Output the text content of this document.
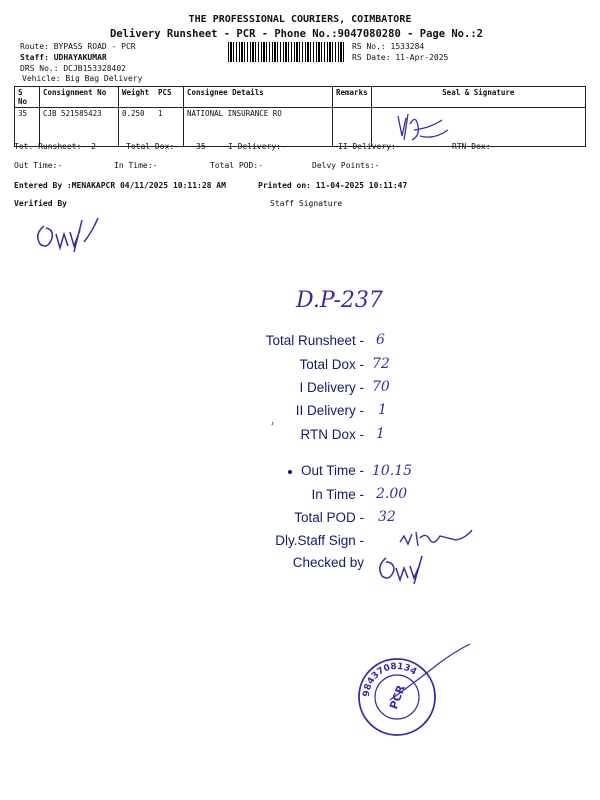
THE PROFESSIONAL COURIERS, COIMBATORE
Delivery Runsheet - PCR - Phone No.:9047080280 - Page No.:2
Route: BYPASS ROAD - PCR
Staff: UDHAYAKUMAR
DRS No.: DCJB153328402
Vehicle: Big Bag Delivery
RS No.: 1533284
RS Date: 11-Apr-2025
S No	Consignment No	Weight	PCS	Consignee Details	Remarks	Seal & Signature
35	CJB 521585423	0.250	1	NATIONAL INSURANCE RO		
Tot. Runsheet:- 2	Total Dox:- 35	I Delivery:-	II Delivery:-	RTN Dox:-
Out Time:-	In Time:-	Total POD:-	Delvy Points:-
Entered By :MENAKAPCR 04/11/2025 10:11:28 AM	Printed on: 11-04-2025 10:11:47
Verified By	Staff Signature
D.P-237
Total Runsheet - 6
Total Dox - 72
I Delivery - 70
II Delivery - 1
ʾ RTN Dox - 1
Out Time - 10.15
In Time - 2.00
Total POD - 32
Dly.Staff Sign -
Checked by
9843708134
PCR
